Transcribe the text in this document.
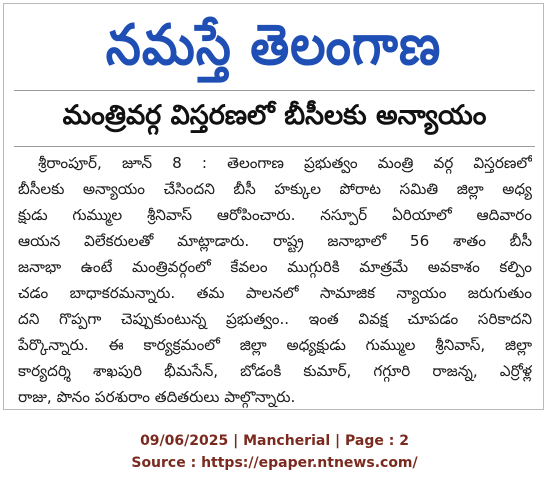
నమస్తే తెలంగాణ
మంత్రివర్గ విస్తరణలో బీసీలకు అన్యాయం
శ్రీరాంపూర్, జూన్ 8 : తెలంగాణ ప్రభుత్వం మంత్రి వర్గ విస్తరణలో
బీసీలకు అన్యాయం చేసిందని బీసీ హక్కుల పోరాట సమితి జిల్లా అధ్య
క్షుడు గుమ్ముల శ్రీనివాస్ ఆరోపించారు. నస్పూర్ ఏరియాలో ఆదివారం
ఆయన విలేకరులతో మాట్లాడారు. రాష్ట్ర జనాభాలో 56 శాతం బీసీ
జనాభా ఉంటే మంత్రివర్గంలో కేవలం ముగ్గురికి మాత్రమే అవకాశం కల్పిం
చడం బాధాకరమన్నారు. తమ పాలనలో సామాజిక న్యాయం జరుగుతుం
దని గొప్పగా చెప్పుకుంటున్న ప్రభుత్వం.. ఇంత వివక్ష చూపడం సరికాదని
పేర్కొన్నారు. ఈ కార్యక్రమంలో జిల్లా అధ్యక్షుడు గుమ్ముల శ్రీనివాస్, జిల్లా
కార్యదర్శి శాఖపురి భీమసేన్, బోడంకి కుమార్, గగ్గూరి రాజన్న, ఎర్రోళ్ల
రాజు, పొనం పరశురాం తదితరులు పాల్గొన్నారు.
09/06/2025 | Mancherial | Page : 2
Source : https://epaper.ntnews.com/
